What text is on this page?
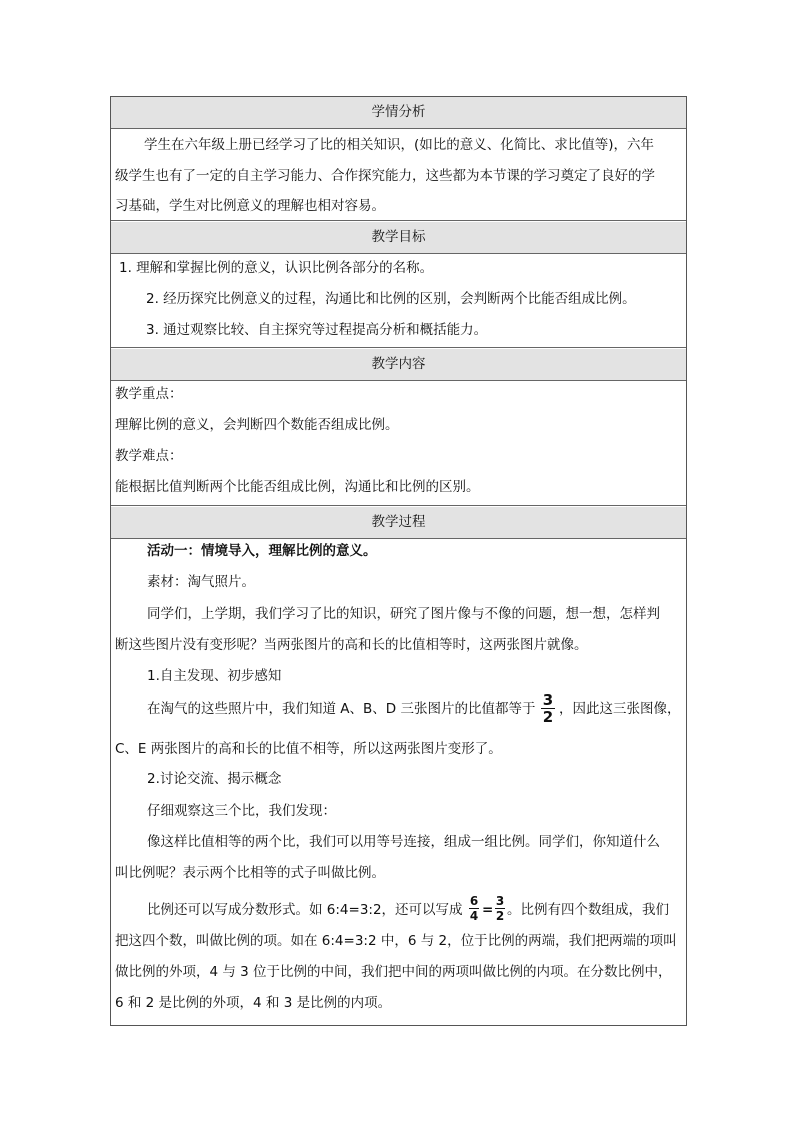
学情分析
学生在六年级上册已经学习了比的相关知识，(如比的意义、化简比、求比值等)，六年
级学生也有了一定的自主学习能力、合作探究能力，这些都为本节课的学习奠定了良好的学
习基础，学生对比例意义的理解也相对容易。
教学目标
1. 理解和掌握比例的意义，认识比例各部分的名称。
2. 经历探究比例意义的过程，沟通比和比例的区别，会判断两个比能否组成比例。
3. 通过观察比较、自主探究等过程提高分析和概括能力。
教学内容
教学重点：
理解比例的意义，会判断四个数能否组成比例。
教学难点：
能根据比值判断两个比能否组成比例，沟通比和比例的区别。
教学过程
活动一：情境导入，理解比例的意义。
素材：淘气照片。
同学们，上学期，我们学习了比的知识，研究了图片像与不像的问题，想一想，怎样判
断这些图片没有变形呢？当两张图片的高和长的比值相等时，这两张图片就像。
1.自主发现、初步感知
在淘气的这些照片中，我们知道 A、B、D 三张图片的比值都等于 3
2 ，因此这三张图像，
C、E 两张图片的高和长的比值不相等，所以这两张图片变形了。
2.讨论交流、揭示概念
仔细观察这三个比，我们发现：
像这样比值相等的两个比，我们可以用等号连接，组成一组比例。同学们，你知道什么
叫比例呢？表示两个比相等的式子叫做比例。
比例还可以写成分数形式。如 6:4=3:2，还可以写成
6
4 =
3
2 。比例有四个数组成，我们
把这四个数，叫做比例的项。如在 6:4=3:2 中，6 与 2，位于比例的两端，我们把两端的项叫
做比例的外项，4 与 3 位于比例的中间，我们把中间的两项叫做比例的内项。在分数比例中，
6 和 2 是比例的外项，4 和 3 是比例的内项。
